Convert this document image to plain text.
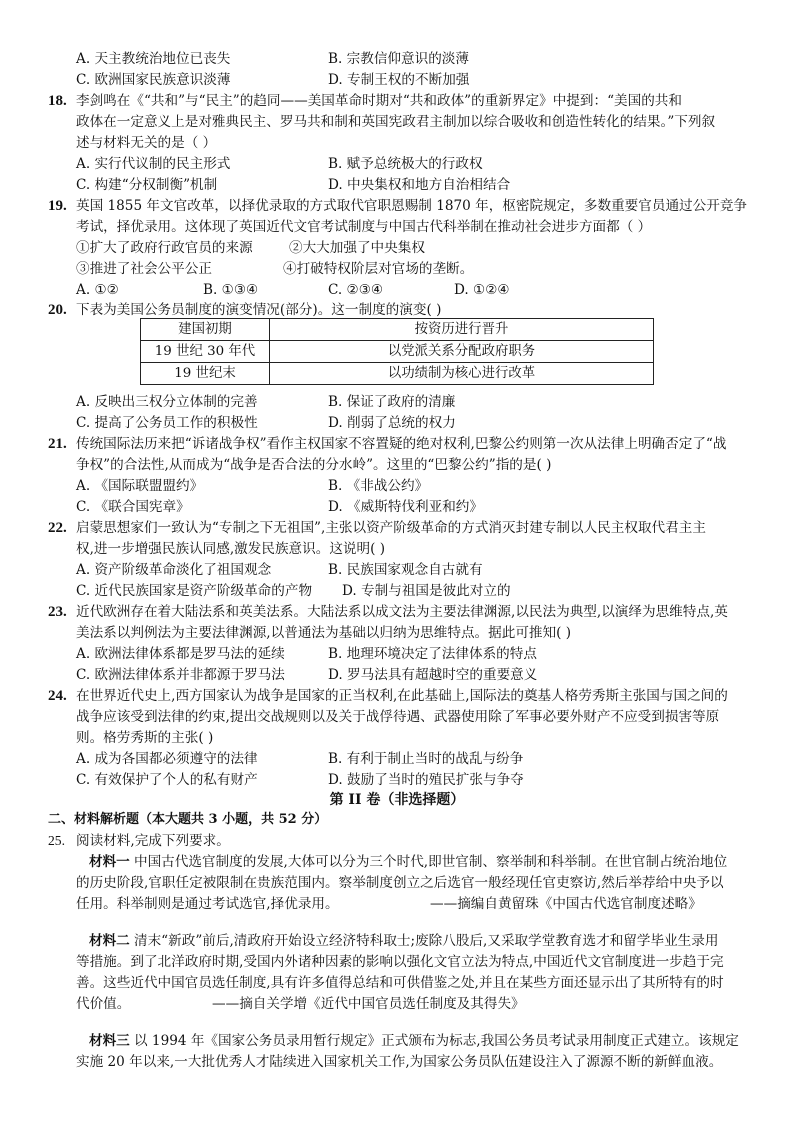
A. 天主教统治地位已丧失	B. 宗教信仰意识的淡薄
C. 欧洲国家民族意识淡薄	D. 专制王权的不断加强
18. 李剑鸣在《“共和”与“民主”的趋同——美国革命时期对“共和政体”的重新界定》中提到：“美国的共和
政体在一定意义上是对雅典民主、罗马共和制和英国宪政君主制加以综合吸收和创造性转化的结果。”下列叙
述与材料无关的是（ ）
A. 实行代议制的民主形式	B. 赋予总统极大的行政权
C. 构建“分权制衡”机制	D. 中央集权和地方自治相结合
19. 英国 1855 年文官改革，以择优录取的方式取代官职恩赐制 1870 年，枢密院规定，多数重要官员通过公开竞争
考试，择优录用。这体现了英国近代文官考试制度与中国古代科举制在推动社会进步方面都（ ）
①扩大了政府行政官员的来源	②大大加强了中央集权
③推进了社会公平公正	④打破特权阶层对官场的垄断。
A. ①②	B. ①③④	C. ②③④	D. ①②④
20. 下表为美国公务员制度的演变情况(部分)。这一制度的演变( )
建国初期	按资历进行晋升
19 世纪 30 年代	以党派关系分配政府职务
19 世纪末	以功绩制为核心进行改革
A. 反映出三权分立体制的完善	B. 保证了政府的清廉
C. 提高了公务员工作的积极性	D. 削弱了总统的权力
21. 传统国际法历来把“诉诸战争权”看作主权国家不容置疑的绝对权利,巴黎公约则第一次从法律上明确否定了“战
争权”的合法性,从而成为“战争是否合法的分水岭”。这里的“巴黎公约”指的是( )
A. 《国际联盟盟约》	B. 《非战公约》
C. 《联合国宪章》	D. 《威斯特伐利亚和约》
22. 启蒙思想家们一致认为“专制之下无祖国”,主张以资产阶级革命的方式消灭封建专制以人民主权取代君主主
权,进一步增强民族认同感,激发民族意识。这说明( )
A. 资产阶级革命淡化了祖国观念	B. 民族国家观念自古就有
C. 近代民族国家是资产阶级革命的产物 D. 专制与祖国是彼此对立的
23. 近代欧洲存在着大陆法系和英美法系。大陆法系以成文法为主要法律渊源,以民法为典型,以演绎为思维特点,英
美法系以判例法为主要法律渊源,以普通法为基础以归纳为思维特点。据此可推知( )
A. 欧洲法律体系都是罗马法的延续	B. 地理环境决定了法律体系的特点
C. 欧洲法律体系并非都源于罗马法	D. 罗马法具有超越时空的重要意义
24. 在世界近代史上,西方国家认为战争是国家的正当权利,在此基础上,国际法的奠基人格劳秀斯主张国与国之间的
战争应该受到法律的约束,提出交战规则以及关于战俘待遇、武器使用除了军事必要外财产不应受到损害等原
则。格劳秀斯的主张( )
A. 成为各国都必须遵守的法律	B. 有利于制止当时的战乱与纷争
C. 有效保护了个人的私有财产	D. 鼓励了当时的殖民扩张与争夺
第 II 卷（非选择题）
二、材料解析题（本大题共 3 小题，共 52 分）
25. 阅读材料,完成下列要求。
材料一 中国古代选官制度的发展,大体可以分为三个时代,即世官制、察举制和科举制。在世官制占统治地位
的历史阶段,官职任定被限制在贵族范围内。察举制度创立之后选官一般经现任官吏察访,然后举荐给中央予以
任用。科举制则是通过考试选官,择优录用。	——摘编自黄留珠《中国古代选官制度述略》
材料二 清末“新政”前后,清政府开始设立经济特科取士;废除八股后,又采取学堂教育选才和留学毕业生录用
等措施。到了北洋政府时期,受国内外诸种因素的影响以强化文官立法为特点,中国近代文官制度进一步趋于完
善。这些近代中国官员选任制度,具有许多值得总结和可供借鉴之处,并且在某些方面还显示出了其所特有的时
代价值。	——摘自关学增《近代中国官员选任制度及其得失》
材料三 以 1994 年《国家公务员录用暂行规定》正式颁布为标志,我国公务员考试录用制度正式建立。该规定
实施 20 年以来,一大批优秀人才陆续进入国家机关工作,为国家公务员队伍建设注入了源源不断的新鲜血液。
